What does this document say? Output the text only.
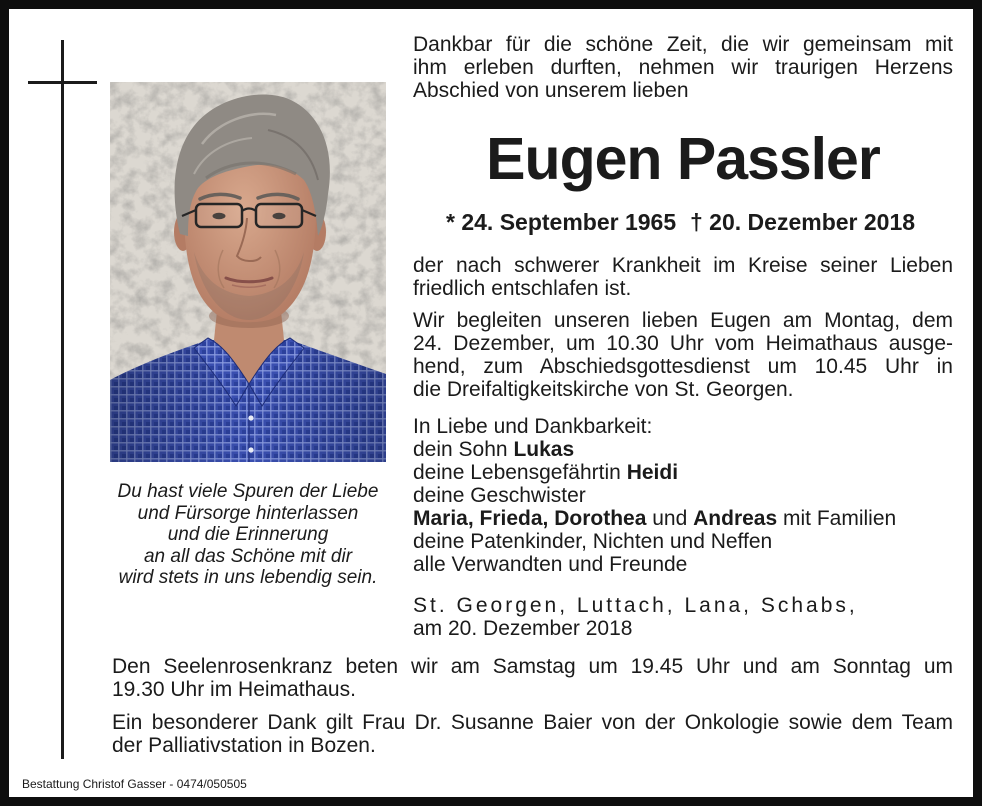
Du hast viele Spuren der Liebe
und Fürsorge hinterlassen
und die Erinnerung
an all das Schöne mit dir
wird stets in uns lebendig sein.
Dankbar für die schöne Zeit, die wir gemeinsam mit
ihm erleben durften, nehmen wir traurigen Herzens
Abschied von unserem lieben
Eugen Passler
* 24. September 1965 † 20. Dezember 2018
der nach schwerer Krankheit im Kreise seiner Lieben
friedlich entschlafen ist.
Wir begleiten unseren lieben Eugen am Montag, dem
24. Dezember, um 10.30 Uhr vom Heimathaus ausge-
hend, zum Abschiedsgottesdienst um 10.45 Uhr in
die Dreifaltigkeitskirche von St. Georgen.
In Liebe und Dankbarkeit:
dein Sohn Lukas
deine Lebensgefährtin Heidi
deine Geschwister
Maria, Frieda, Dorothea und Andreas mit Familien
deine Patenkinder, Nichten und Neffen
alle Verwandten und Freunde
St. Georgen, Luttach, Lana, Schabs,
am 20. Dezember 2018
Den Seelenrosenkranz beten wir am Samstag um 19.45 Uhr und am Sonntag um
19.30 Uhr im Heimathaus.
Ein besonderer Dank gilt Frau Dr. Susanne Baier von der Onkologie sowie dem Team
der Palliativstation in Bozen.
Bestattung Christof Gasser - 0474/050505
